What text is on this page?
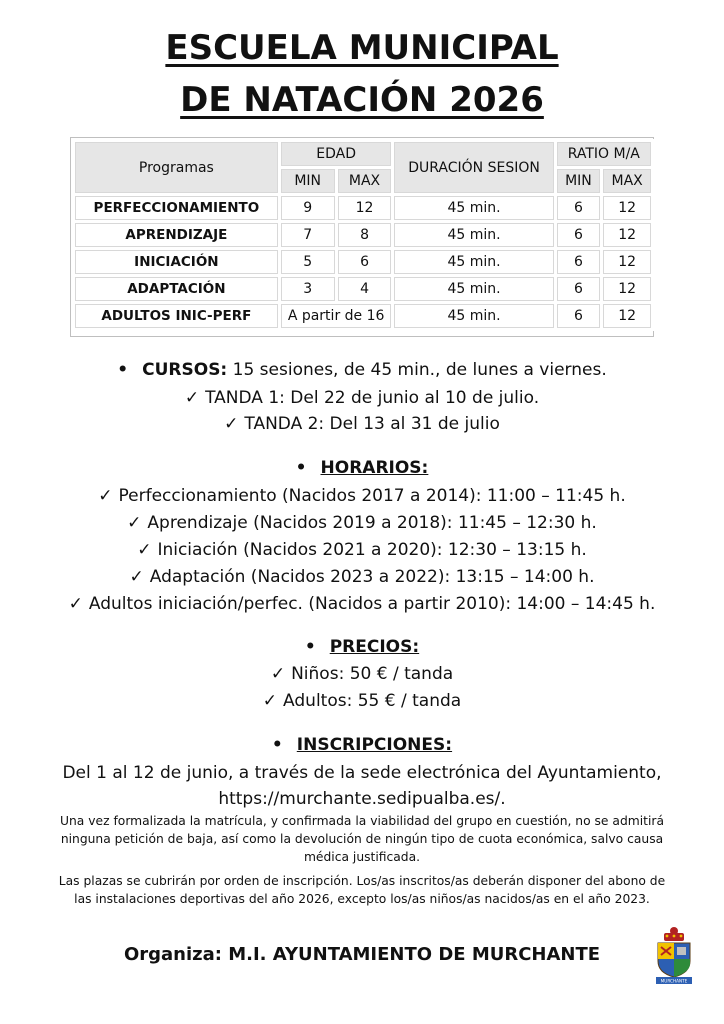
ESCUELA MUNICIPAL
DE NATACIÓN 2026
Programas	EDAD		DURACIÓN SESION	RATIO M/A	
	MIN	MAX		MIN	MAX
PERFECCIONAMIENTO	9	12	45 min.	6	12
APRENDIZAJE	7	8	45 min.	6	12
INICIACIÓN	5	6	45 min.	6	12
ADAPTACIÓN	3	4	45 min.	6	12
ADULTOS INIC-PERF	A partir de 16		45 min.	6	12
• CURSOS: 15 sesiones, de 45 min., de lunes a viernes.
✓ TANDA 1: Del 22 de junio al 10 de julio.
✓ TANDA 2: Del 13 al 31 de julio
• HORARIOS:
✓ Perfeccionamiento (Nacidos 2017 a 2014): 11:00 – 11:45 h.
✓ Aprendizaje (Nacidos 2019 a 2018): 11:45 – 12:30 h.
✓ Iniciación (Nacidos 2021 a 2020): 12:30 – 13:15 h.
✓ Adaptación (Nacidos 2023 a 2022): 13:15 – 14:00 h.
✓ Adultos iniciación/perfec. (Nacidos a partir 2010): 14:00 – 14:45 h.
• PRECIOS:
✓ Niños: 50 € / tanda
✓ Adultos: 55 € / tanda
• INSCRIPCIONES:
Del 1 al 12 de junio, a través de la sede electrónica del Ayuntamiento,
https://murchante.sedipualba.es/.
Una vez formalizada la matrícula, y confirmada la viabilidad del grupo en cuestión, no se admitirá
ninguna petición de baja, así como la devolución de ningún tipo de cuota económica, salvo causa
médica justificada.
Las plazas se cubrirán por orden de inscripción. Los/as inscritos/as deberán disponer del abono de
las instalaciones deportivas del año 2026, excepto los/as niños/as nacidos/as en el año 2023.
Organiza: M.I. AYUNTAMIENTO DE MURCHANTE
MURCHANTE
